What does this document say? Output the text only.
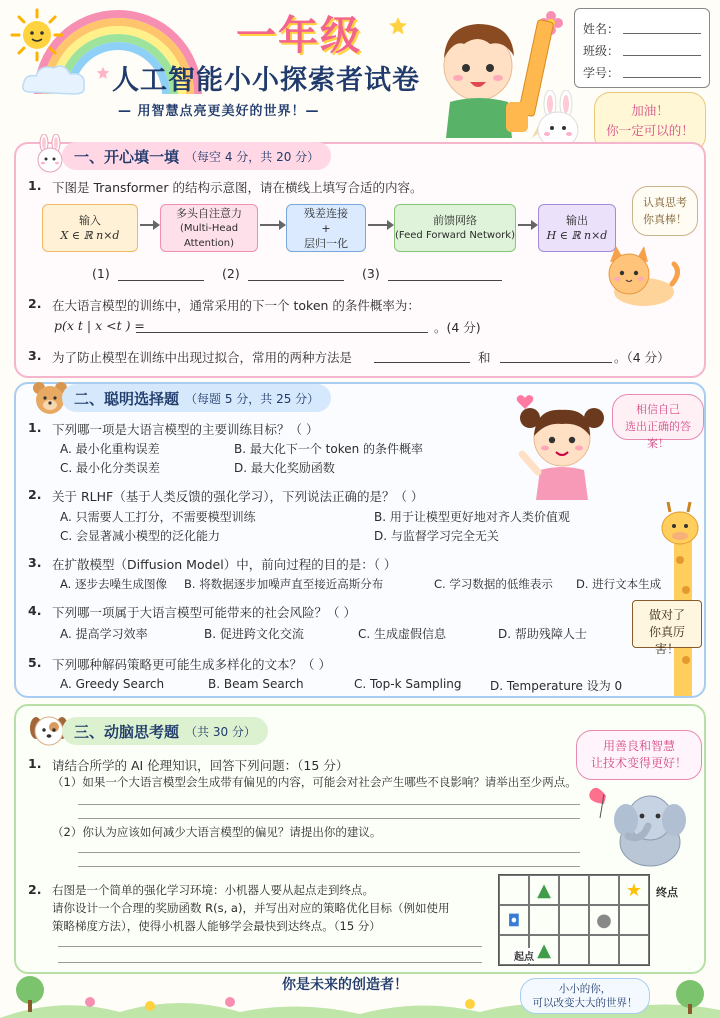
一年级
人工智能小小探索者试卷
— 用智慧点亮更美好的世界！—
姓名：
班级：
学号：
加油！
你一定可以的！
一、开心填一填 （每空 4 分，共 20 分）
1. 下图是 Transformer 的结构示意图，请在横线上填写合适的内容。
输入
X ∈ ℝ n×d
多头自注意力
(Multi-Head Attention)
残差连接
+
层归一化
前馈网络
(Feed Forward Network)
输出
H ∈ ℝ n×d
(1)	(2)	(3)
认真思考
你真棒！
2. 在大语言模型的训练中，通常采用的下一个 token 的条件概率为：
p(x t | x <t ) =	。(4 分)
3. 为了防止模型在训练中出现过拟合，常用的两种方法是	和	。（4 分）
二、聪明选择题 （每题 5 分，共 25 分）
1. 下列哪一项是大语言模型的主要训练目标？（ ）
A. 最小化重构误差	B. 最大化下一个 token 的条件概率
C. 最小化分类误差	D. 最大化奖励函数
2. 关于 RLHF（基于人类反馈的强化学习），下列说法正确的是？（ ）
A. 只需要人工打分，不需要模型训练	B. 用于让模型更好地对齐人类价值观
C. 会显著减小模型的泛化能力	D. 与监督学习完全无关
3. 在扩散模型（Diffusion Model）中，前向过程的目的是：（ ）
A. 逐步去噪生成图像 B. 将数据逐步加噪声直至接近高斯分布	C. 学习数据的低维表示 D. 进行文本生成
4. 下列哪一项属于大语言模型可能带来的社会风险？（ ）
A. 提高学习效率	B. 促进跨文化交流	C. 生成虚假信息	D. 帮助残障人士
5. 下列哪种解码策略更可能生成多样化的文本？（ ）
A. Greedy Search	B. Beam Search	C. Top-k Sampling D. Temperature 设为 0
相信自己
选出正确的答案！
做对了
你真厉害！
三、动脑思考题 （共 30 分）
1. 请结合所学的 AI 伦理知识，回答下列问题：（15 分）
（1）如果一个大语言模型会生成带有偏见的内容，可能会对社会产生哪些不良影响？请举出至少两点。
（2）你认为应该如何减少大语言模型的偏见？请提出你的建议。
2. 右图是一个简单的强化学习环境：小机器人要从起点走到终点。
请你设计一个合理的奖励函数 R(s, a)，并写出对应的策略优化目标（例如使用
策略梯度方法），使得小机器人能够学会最快到达终点。（15 分）
用善良和智慧
让技术变得更好！
▲	★
◘	●
▲
终点
起点
你是未来的创造者！	小小的你，
可以改变大大的世界！
